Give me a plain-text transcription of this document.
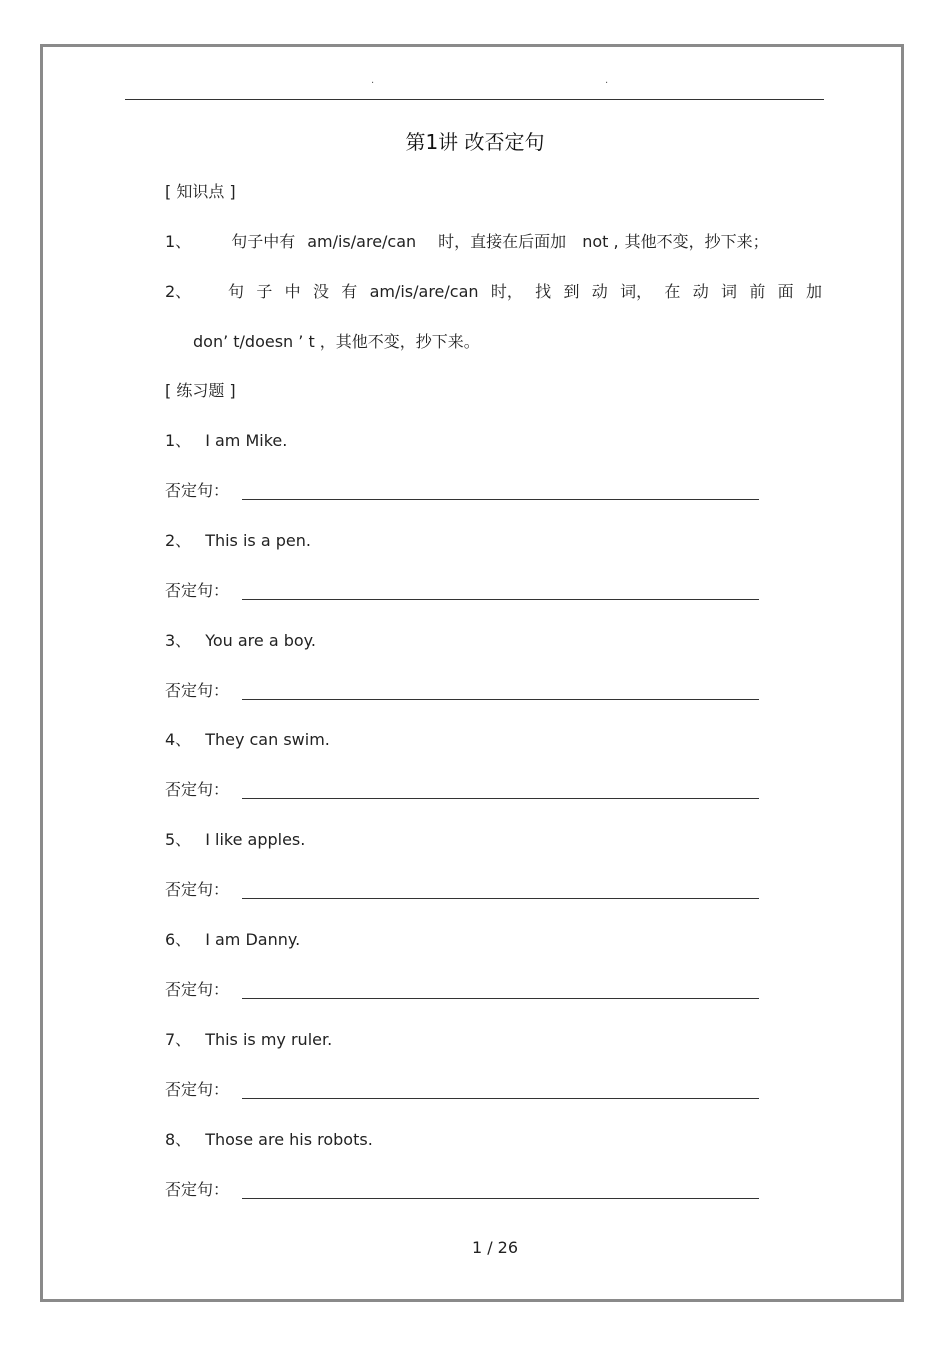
.	.
第1讲 改否定句
[ 知识点 ]
1、	句子中有 am/is/are/can 时，直接在后面加 not , 其他不变，抄下来；
2、 句 子 中 没 有 am/is/are/can 时， 找 到 动 词， 在 动 词 前 面 加
don’ t/doesn ’ t ，其他不变，抄下来。
[ 练习题 ]
1、 I am Mike.
否定句：
2、 This is a pen.
否定句：
3、 You are a boy.
否定句：
4、 They can swim.
否定句：
5、 I like apples.
否定句：
6、 I am Danny.
否定句：
7、 This is my ruler.
否定句：
8、 Those are his robots.
否定句：
1 / 26
